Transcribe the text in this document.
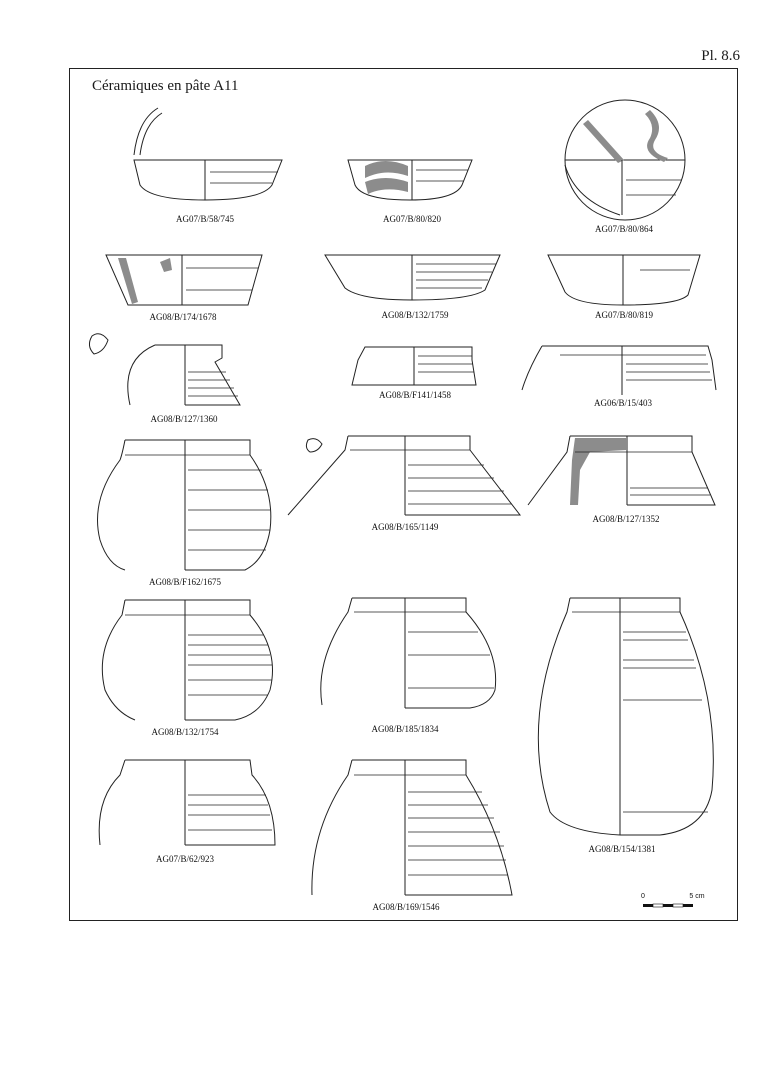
Pl. 8.6
Céramiques en pâte A11
AG07/B/58/745	AG07/B/80/820
AG07/B/80/864
AG08/B/174/1678	AG08/B/132/1759	AG07/B/80/819
AG08/B/127/1360
AG08/B/F141/1458
AG06/B/15/403
AG08/B/F162/1675
AG08/B/165/1149
AG08/B/127/1352
AG08/B/132/1754	AG08/B/185/1834
AG08/B/154/1381
AG07/B/62/923
AG08/B/169/1546
0	5 cm
